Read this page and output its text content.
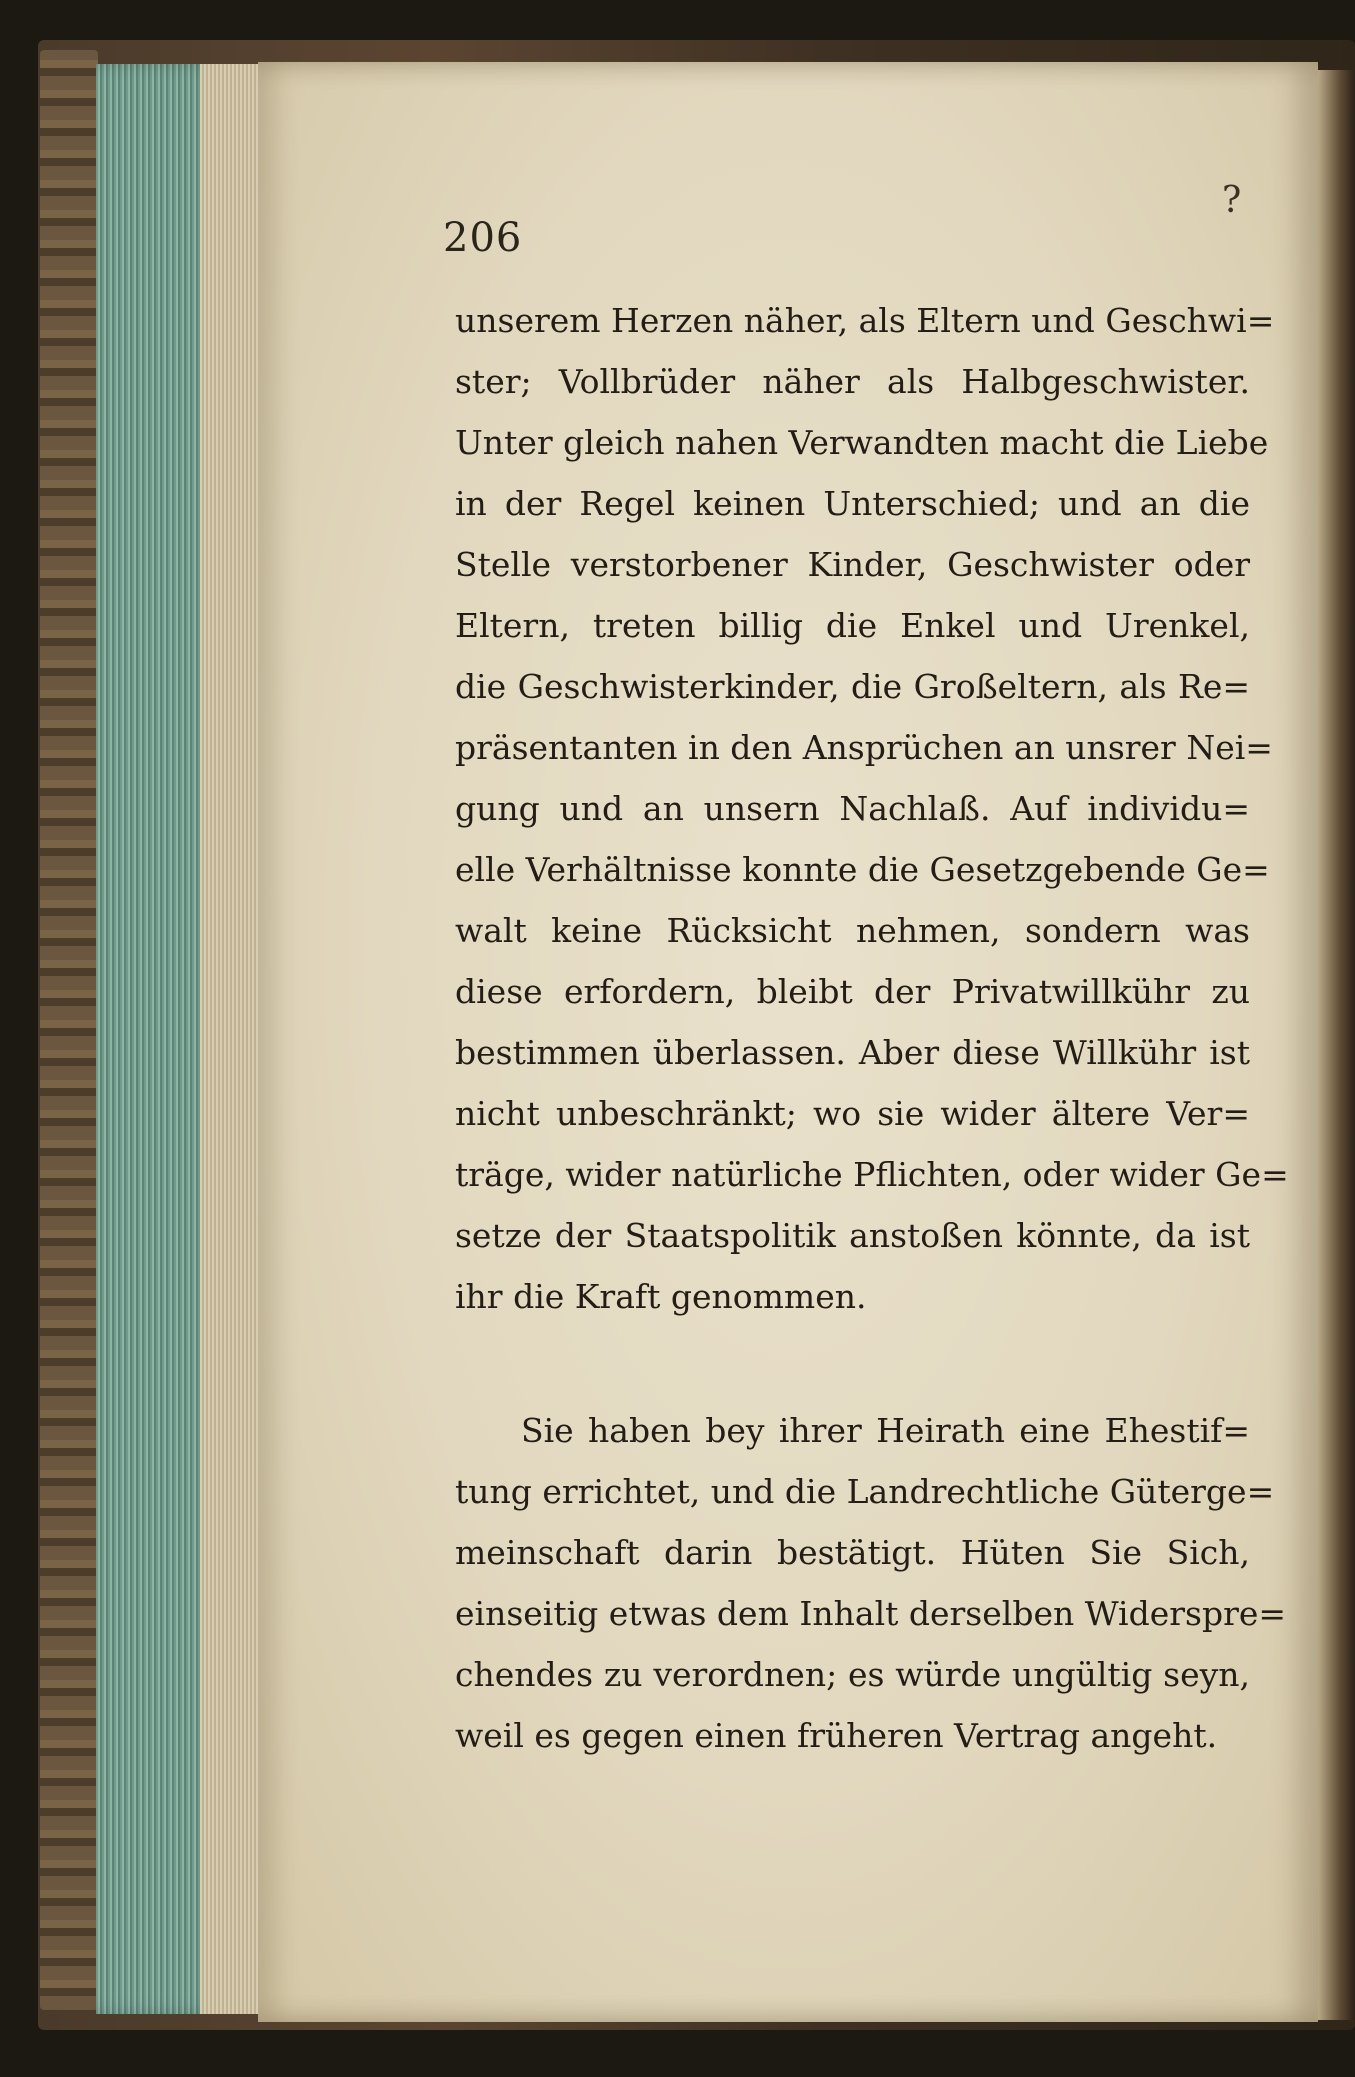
206
?
unserem Herzen näher, als Eltern und Geschwi=
ster; Vollbrüder näher als Halbgeschwister.
Unter gleich nahen Verwandten macht die Liebe
in der Regel keinen Unterschied; und an die
Stelle verstorbener Kinder, Geschwister oder
Eltern, treten billig die Enkel und Urenkel,
die Geschwisterkinder, die Großeltern, als Re=
präsentanten in den Ansprüchen an unsrer Nei=
gung und an unsern Nachlaß. Auf individu=
elle Verhältnisse konnte die Gesetzgebende Ge=
walt keine Rücksicht nehmen, sondern was
diese erfordern, bleibt der Privatwillkühr zu
bestimmen überlassen. Aber diese Willkühr ist
nicht unbeschränkt; wo sie wider ältere Ver=
träge, wider natürliche Pflichten, oder wider Ge=
setze der Staatspolitik anstoßen könnte, da ist
ihr die Kraft genommen.
Sie haben bey ihrer Heirath eine Ehestif=
tung errichtet, und die Landrechtliche Güterge=
meinschaft darin bestätigt. Hüten Sie Sich,
einseitig etwas dem Inhalt derselben Widerspre=
chendes zu verordnen; es würde ungültig seyn,
weil es gegen einen früheren Vertrag angeht.
